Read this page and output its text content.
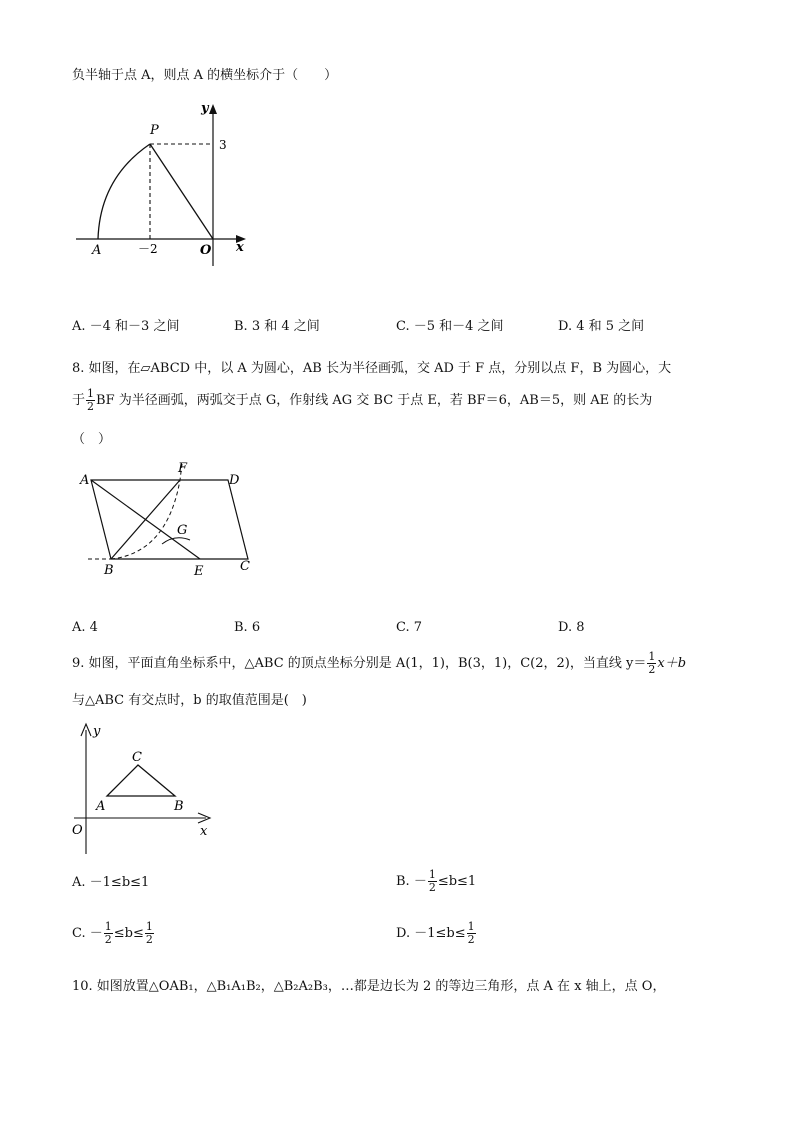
负半轴于点 A，则点 A 的横坐标介于（　　）
y
P
3
A	－2	O x
A. －4 和－3 之间	B. 3 和 4 之间	C. －5 和－4 之间	D. 4 和 5 之间
8. 如图，在▱ABCD 中，以 A 为圆心，AB 长为半径画弧，交 AD 于 F 点，分别以点 F，B 为圆心，大
于 $\frac{1}{2}$ BF 为半径画弧，两弧交于点 G，作射线 AG 交 BC 于点 E，若 BF＝6，AB＝5，则 AE 的长为
（　）
A
F
D
G
B	E	C
A. 4	B. 6	C. 7	D. 8
9. 如图，平面直角坐标系中，△ABC 的顶点坐标分别是 A(1，1)，B(3，1)，C(2，2)，当直线 $y= \frac{1}{2} x+b$
与△ABC 有交点时，b 的取值范围是(　)
y
C
A	B
O	x
A. －1≤b≤1	B. － $\frac{1}{2} \le b\le 1$
C. － $\frac{1}{2} \le b\le \frac{1}{2}$	D. $-1\le b\le \frac{1}{2}$
10. 如图放置△OAB₁，△B₁A₁B₂，△B₂A₂B₃，…都是边长为 2 的等边三角形，点 A 在 x 轴上，点 O，
